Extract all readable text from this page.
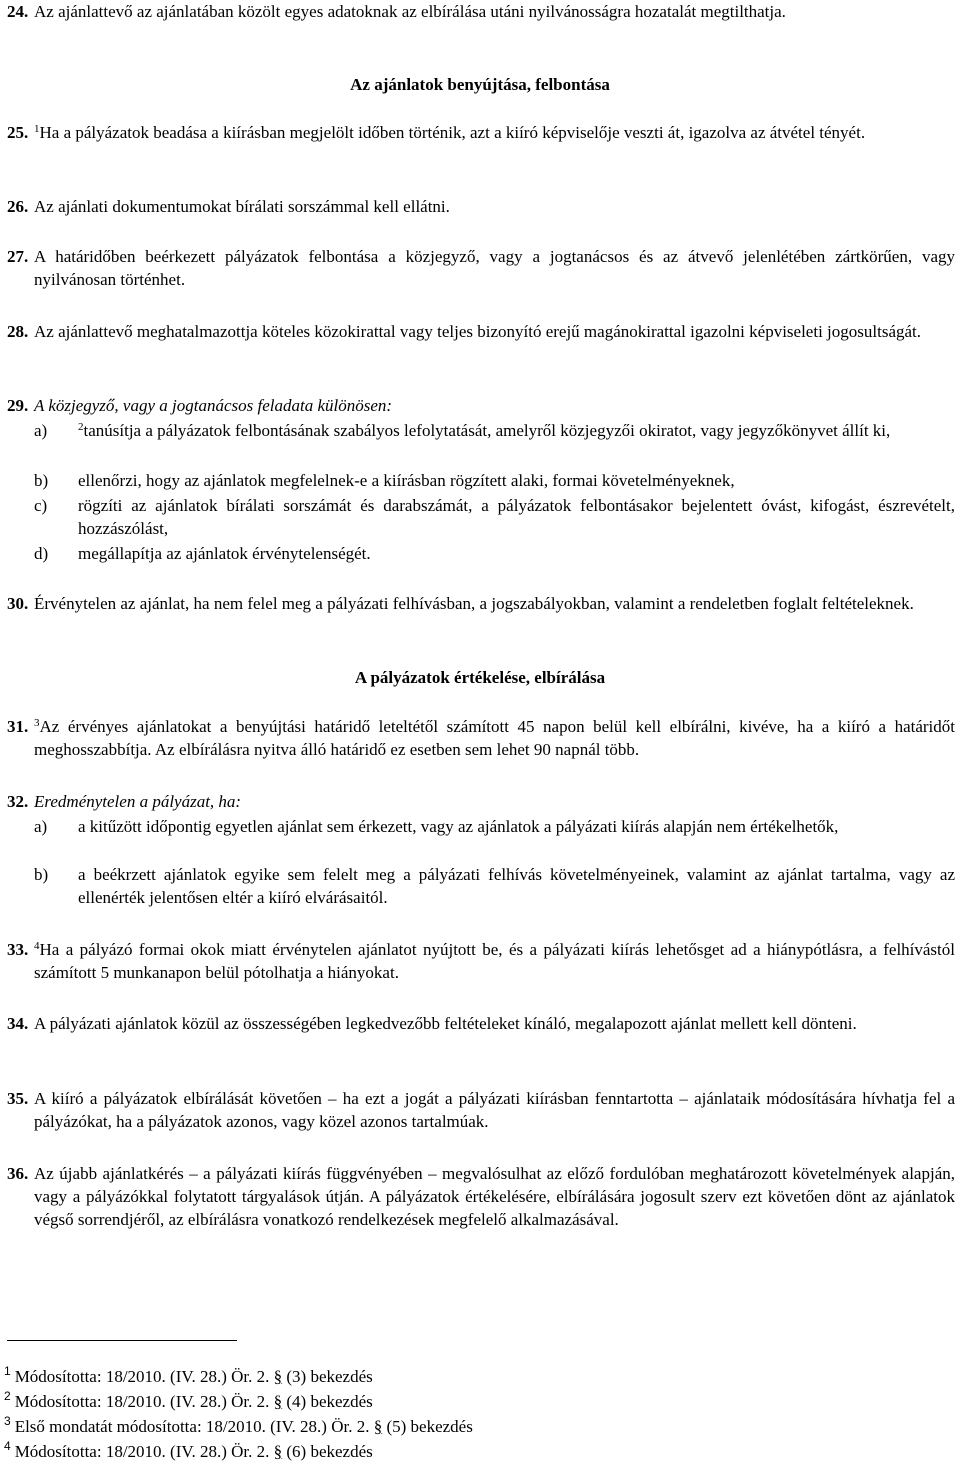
24. Az ajánlattevő az ajánlatában közölt egyes adatoknak az elbírálása utáni nyilvánosságra hozatalát megtilthatja.
Az ajánlatok benyújtása, felbontása
25. $^1$Ha a pályázatok beadása a kiírásban megjelölt időben történik, azt a kiíró képviselője veszti át, igazolva az átvétel tényét.
26. Az ajánlati dokumentumokat bírálati sorszámmal kell ellátni.
27. A határidőben beérkezett pályázatok felbontása a közjegyző, vagy a jogtanácsos és az átvevő jelenlétében zártkörűen, vagy nyilvánosan történhet.
28. Az ajánlattevő meghatalmazottja köteles közokirattal vagy teljes bizonyító erejű magánokirattal igazolni képviseleti jogosultságát.
29. A közjegyző, vagy a jogtanácsos feladata különösen:
a)	$^2$tanúsítja a pályázatok felbontásának szabályos lefolytatását, amelyről közjegyzői okiratot, vagy jegyzőkönyvet állít ki,
b) ellenőrzi, hogy az ajánlatok megfelelnek-e a kiírásban rögzített alaki, formai követelményeknek,
c) rögzíti az ajánlatok bírálati sorszámát és darabszámát, a pályázatok felbontásakor bejelentett óvást, kifogást, észrevételt, hozzászólást,
d) megállapítja az ajánlatok érvénytelenségét.
30. Érvénytelen az ajánlat, ha nem felel meg a pályázati felhívásban, a jogszabályokban, valamint a rendeletben foglalt feltételeknek.
A pályázatok értékelése, elbírálása
31. $^3$Az érvényes ajánlatokat a benyújtási határidő leteltétől számított 45 napon belül kell elbírálni, kivéve, ha a kiíró a határidőt meghosszabbítja. Az elbírálásra nyitva álló határidő ez esetben sem lehet 90 napnál több.
32. Eredménytelen a pályázat, ha:
a) a kitűzött időpontig egyetlen ajánlat sem érkezett, vagy az ajánlatok a pályázati kiírás alapján nem értékelhetők,
b) a beékrzett ajánlatok egyike sem felelt meg a pályázati felhívás követelményeinek, valamint az ajánlat tartalma, vagy az ellenérték jelentősen eltér a kiíró elvárásaitól.
33. $^4$Ha a pályázó formai okok miatt érvénytelen ajánlatot nyújtott be, és a pályázati kiírás lehetősget ad a hiánypótlásra, a felhívástól számított 5 munkanapon belül pótolhatja a hiányokat.
34. A pályázati ajánlatok közül az összességében legkedvezőbb feltételeket kínáló, megalapozott ajánlat mellett kell dönteni.
35. A kiíró a pályázatok elbírálását követően – ha ezt a jogát a pályázati kiírásban fenntartotta – ajánlataik módosítására hívhatja fel a pályázókat, ha a pályázatok azonos, vagy közel azonos tartalmúak.
36. Az újabb ajánlatkérés – a pályázati kiírás függvényében – megvalósulhat az előző fordulóban meghatározott követelmények alapján, vagy a pályázókkal folytatott tárgyalások útján. A pályázatok értékelésére, elbírálására jogosult szerv ezt követően dönt az ajánlatok végső sorrendjéről, az elbírálásra vonatkozó rendelkezések megfelelő alkalmazásával.
$^1$ Módosította: 18/2010. (IV. 28.) Ör. 2. § (3) bekezdés
$^2$ Módosította: 18/2010. (IV. 28.) Ör. 2. § (4) bekezdés
$^3$ Első mondatát módosította: 18/2010. (IV. 28.) Ör. 2. § (5) bekezdés
$^4$ Módosította: 18/2010. (IV. 28.) Ör. 2. § (6) bekezdés
